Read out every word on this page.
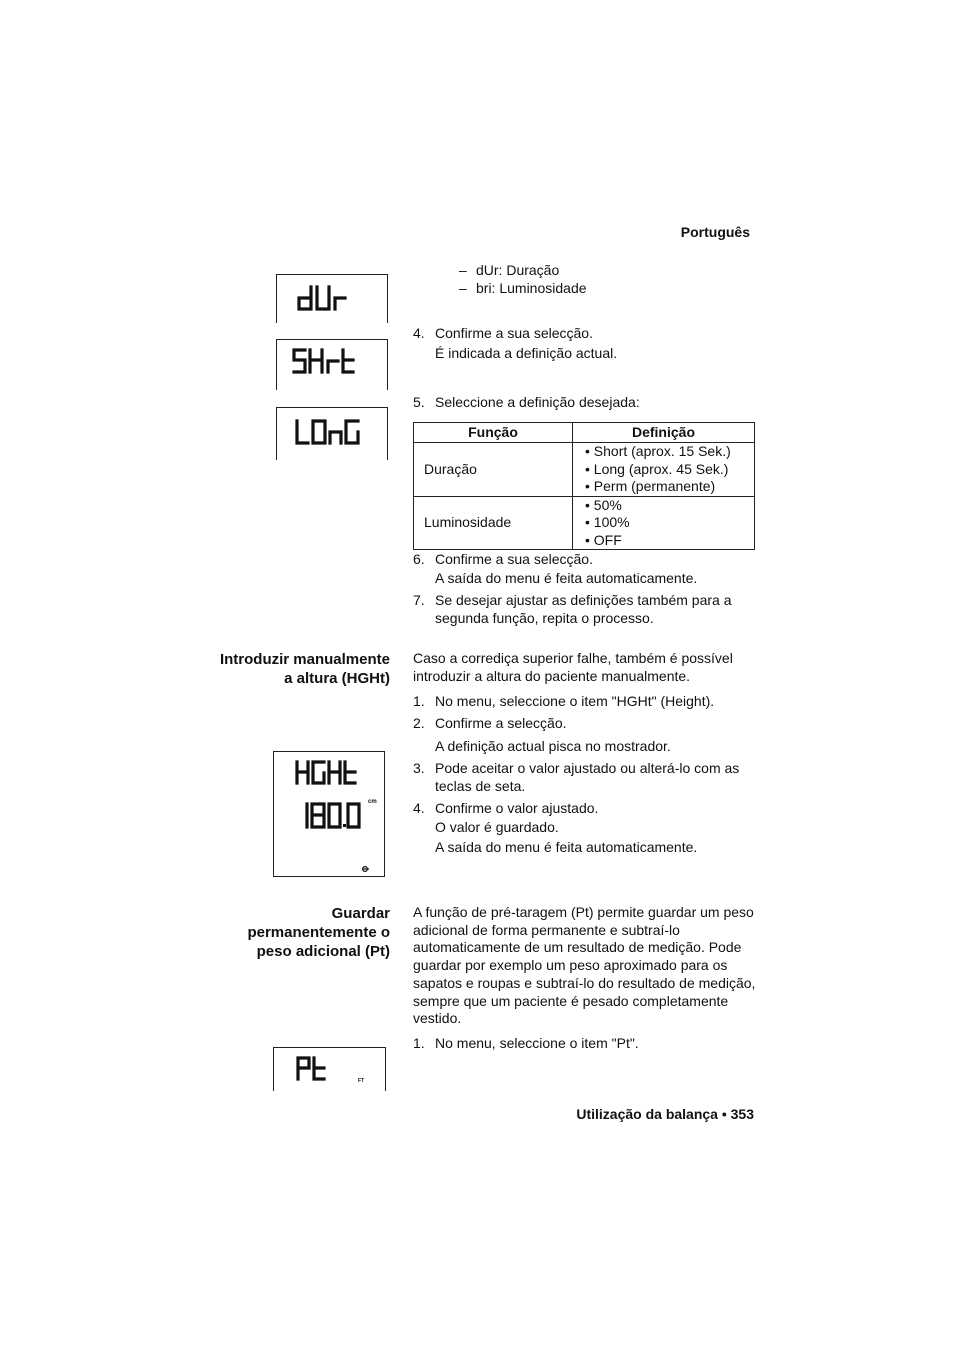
Português
– dUr: Duração
– bri: Luminosidade
4. Confirme a sua selecção.
É indicada a definição actual.
5. Seleccione a definição desejada:
Função	Definição
Duração	• Short (aprox. 15 Sek.)
• Long (aprox. 45 Sek.)
• Perm (permanente)

Luminosidade	• 50%
• 100%
• OFF
6. Confirme a sua selecção.
A saída do menu é feita automaticamente.
7. Se desejar ajustar as definições também para a
segunda função, repita o processo.
Introduzir manualmente
a altura (HGHt)
Caso a corrediça superior falhe, também é possível
introduzir a altura do paciente manualmente.
1. No menu, seleccione o item "HGHt" (Height).
2. Confirme a selecção.
A definição actual pisca no mostrador.
3. Pode aceitar o valor ajustado ou alterá-lo com as
teclas de seta.
4. Confirme o valor ajustado.
O valor é guardado.
A saída do menu é feita automaticamente.
cm
Guardar
permanentemente o
peso adicional (Pt)
A função de pré-taragem (Pt) permite guardar um peso
adicional de forma permanente e subtraí-lo
automaticamente de um resultado de medição. Pode
guardar por exemplo um peso aproximado para os
sapatos e roupas e subtraí-lo do resultado de medição,
sempre que um paciente é pesado completamente
vestido.
1. No menu, seleccione o item "Pt".
FT
Utilização da balança • 353
